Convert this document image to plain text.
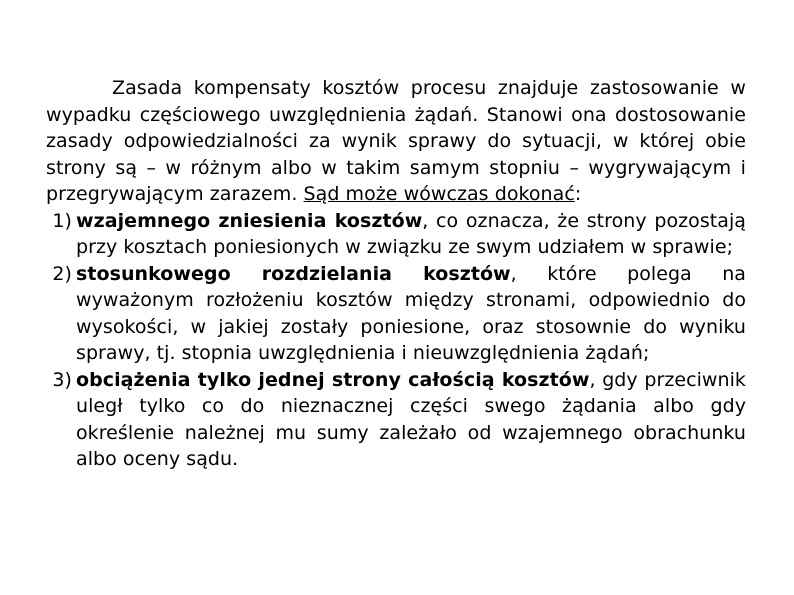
Zasada kompensaty kosztów procesu znajduje zastosowanie w wypadku częściowego uwzględnienia żądań. Stanowi ona dostosowanie zasady odpowiedzialności za wynik sprawy do sytuacji, w której obie strony są – w różnym albo w takim samym stopniu – wygrywającym i przegrywającym zarazem. Sąd może wówczas dokonać:

1) wzajemnego zniesienia kosztów, co oznacza, że strony pozostają przy kosztach poniesionych w związku ze swym udziałem w sprawie;
2) stosunkowego rozdzielania kosztów, które polega na wyważonym rozłożeniu kosztów między stronami, odpowiednio do wysokości, w jakiej zostały poniesione, oraz stosownie do wyniku sprawy, tj. stopnia uwzględnienia i nieuwzględnienia żądań;
3) obciążenia tylko jednej strony całością kosztów, gdy przeciwnik uległ tylko co do nieznacznej części swego żądania albo gdy określenie należnej mu sumy zależało od wzajemnego obrachunku albo oceny sądu.
